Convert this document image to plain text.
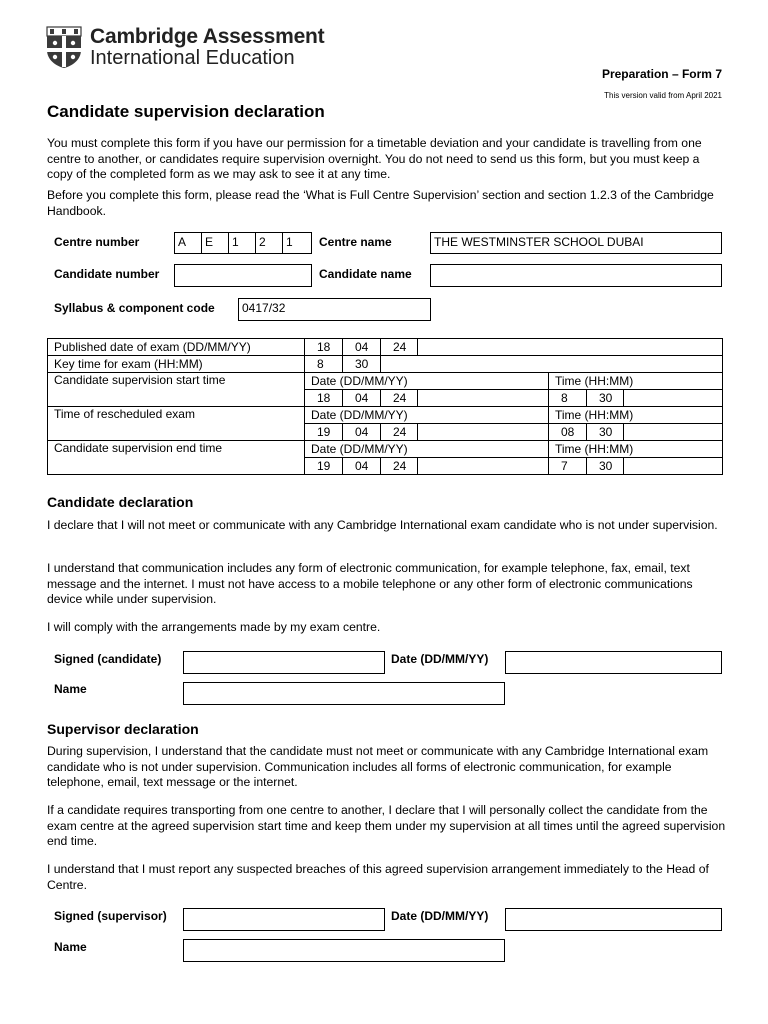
Cambridge Assessment
International Education
Preparation – Form 7
This version valid from April 2021
Candidate supervision declaration
You must complete this form if you have our permission for a timetable deviation and your candidate is travelling from one centre to another, or candidates require supervision overnight. You do not need to send us this form, but you must keep a copy of the completed form as we may ask to see it at any time.
Before you complete this form, please read the ‘What is Full Centre Supervision’ section and section 1.2.3 of the Cambridge Handbook.
Centre number	A	E	1	2	1	Centre name	THE WESTMINSTER SCHOOL DUBAI
Candidate number	Candidate name
Syllabus & component code	0417/32
Published date of exam (DD/MM/YY)	18	04	24				
Key time for exam (HH:MM)	8	30					
Candidate supervision start time	Date (DD/MM/YY)				Time (HH:MM)		
	18	04	24		8	30	
Time of rescheduled exam	Date (DD/MM/YY)				Time (HH:MM)		
	19	04	24		08	30	
Candidate supervision end time	Date (DD/MM/YY)				Time (HH:MM)		
	19	04	24		7	30	
Candidate declaration
I declare that I will not meet or communicate with any Cambridge International exam candidate who is not under supervision.
I understand that communication includes any form of electronic communication, for example telephone, fax, email, text message and the internet. I must not have access to a mobile telephone or any other form of electronic communications device while under supervision.
I will comply with the arrangements made by my exam centre.
Signed (candidate)	Date (DD/MM/YY)
Name
Supervisor declaration
During supervision, I understand that the candidate must not meet or communicate with any Cambridge International exam candidate who is not under supervision. Communication includes all forms of electronic communication, for example telephone, email, text message or the internet.
If a candidate requires transporting from one centre to another, I declare that I will personally collect the candidate from the exam centre at the agreed supervision start time and keep them under my supervision at all times until the agreed supervision end time.
I understand that I must report any suspected breaches of this agreed supervision arrangement immediately to the Head of Centre.
Signed (supervisor)	Date (DD/MM/YY)
Name
